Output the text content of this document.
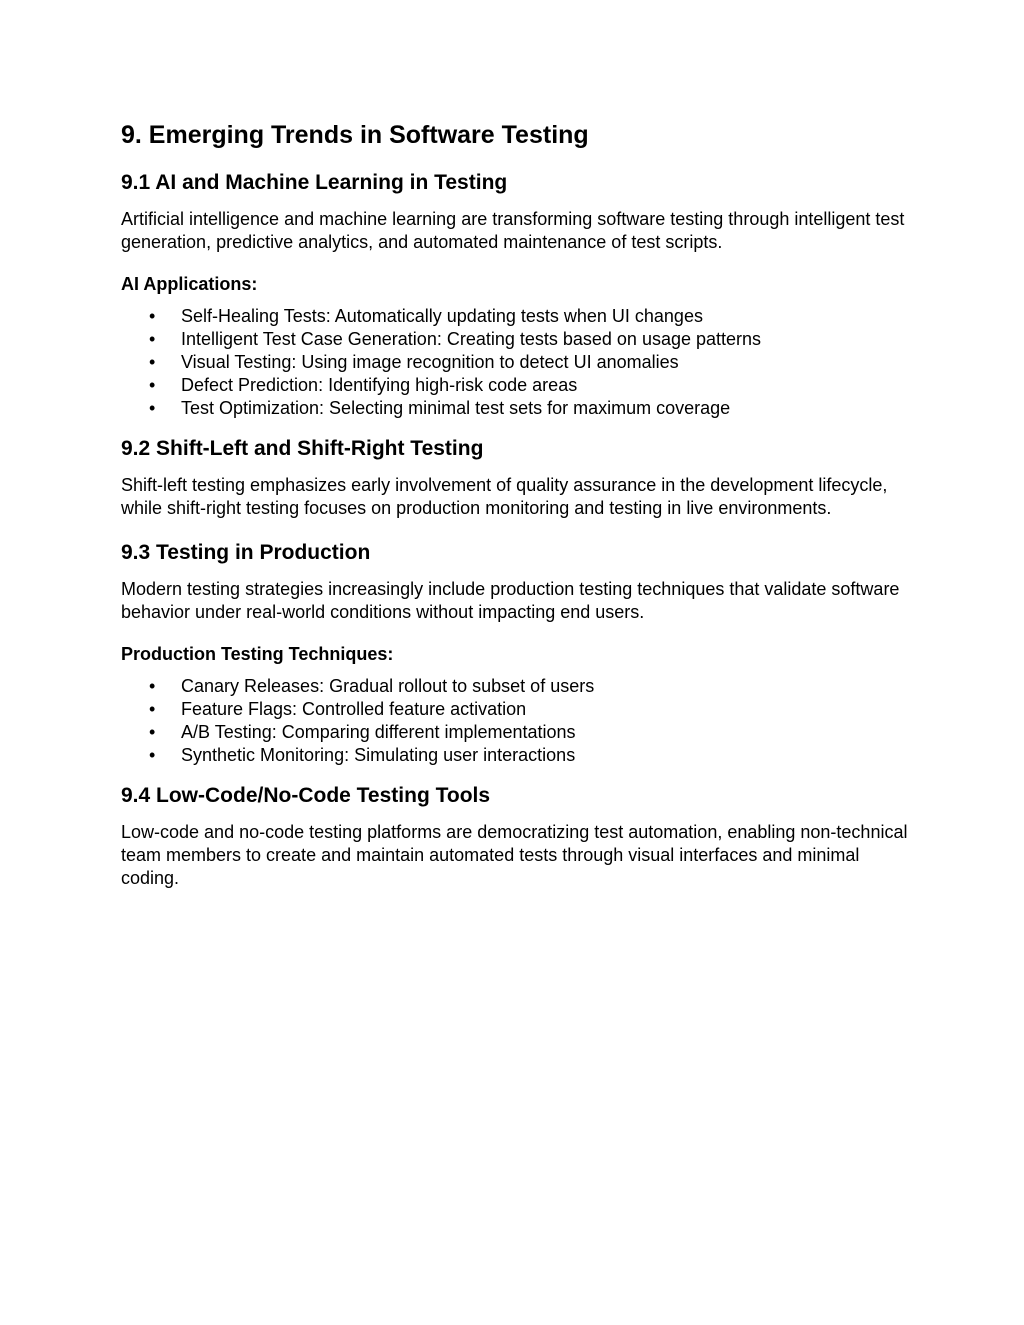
9. Emerging Trends in Software Testing
9.1 AI and Machine Learning in Testing

Artificial intelligence and machine learning are transforming software testing through intelligent test generation, predictive analytics, and automated maintenance of test scripts.

AI Applications:
• Self-Healing Tests: Automatically updating tests when UI changes
• Intelligent Test Case Generation: Creating tests based on usage patterns
• Visual Testing: Using image recognition to detect UI anomalies
• Defect Prediction: Identifying high-risk code areas
• Test Optimization: Selecting minimal test sets for maximum coverage
9.2 Shift-Left and Shift-Right Testing

Shift-left testing emphasizes early involvement of quality assurance in the development lifecycle, while shift-right testing focuses on production monitoring and testing in live environments.

9.3 Testing in Production

Modern testing strategies increasingly include production testing techniques that validate software behavior under real-world conditions without impacting end users.

Production Testing Techniques:
• Canary Releases: Gradual rollout to subset of users
• Feature Flags: Controlled feature activation
• A/B Testing: Comparing different implementations
• Synthetic Monitoring: Simulating user interactions
9.4 Low-Code/No-Code Testing Tools

Low-code and no-code testing platforms are democratizing test automation, enabling non-technical team members to create and maintain automated tests through visual interfaces and minimal coding.
